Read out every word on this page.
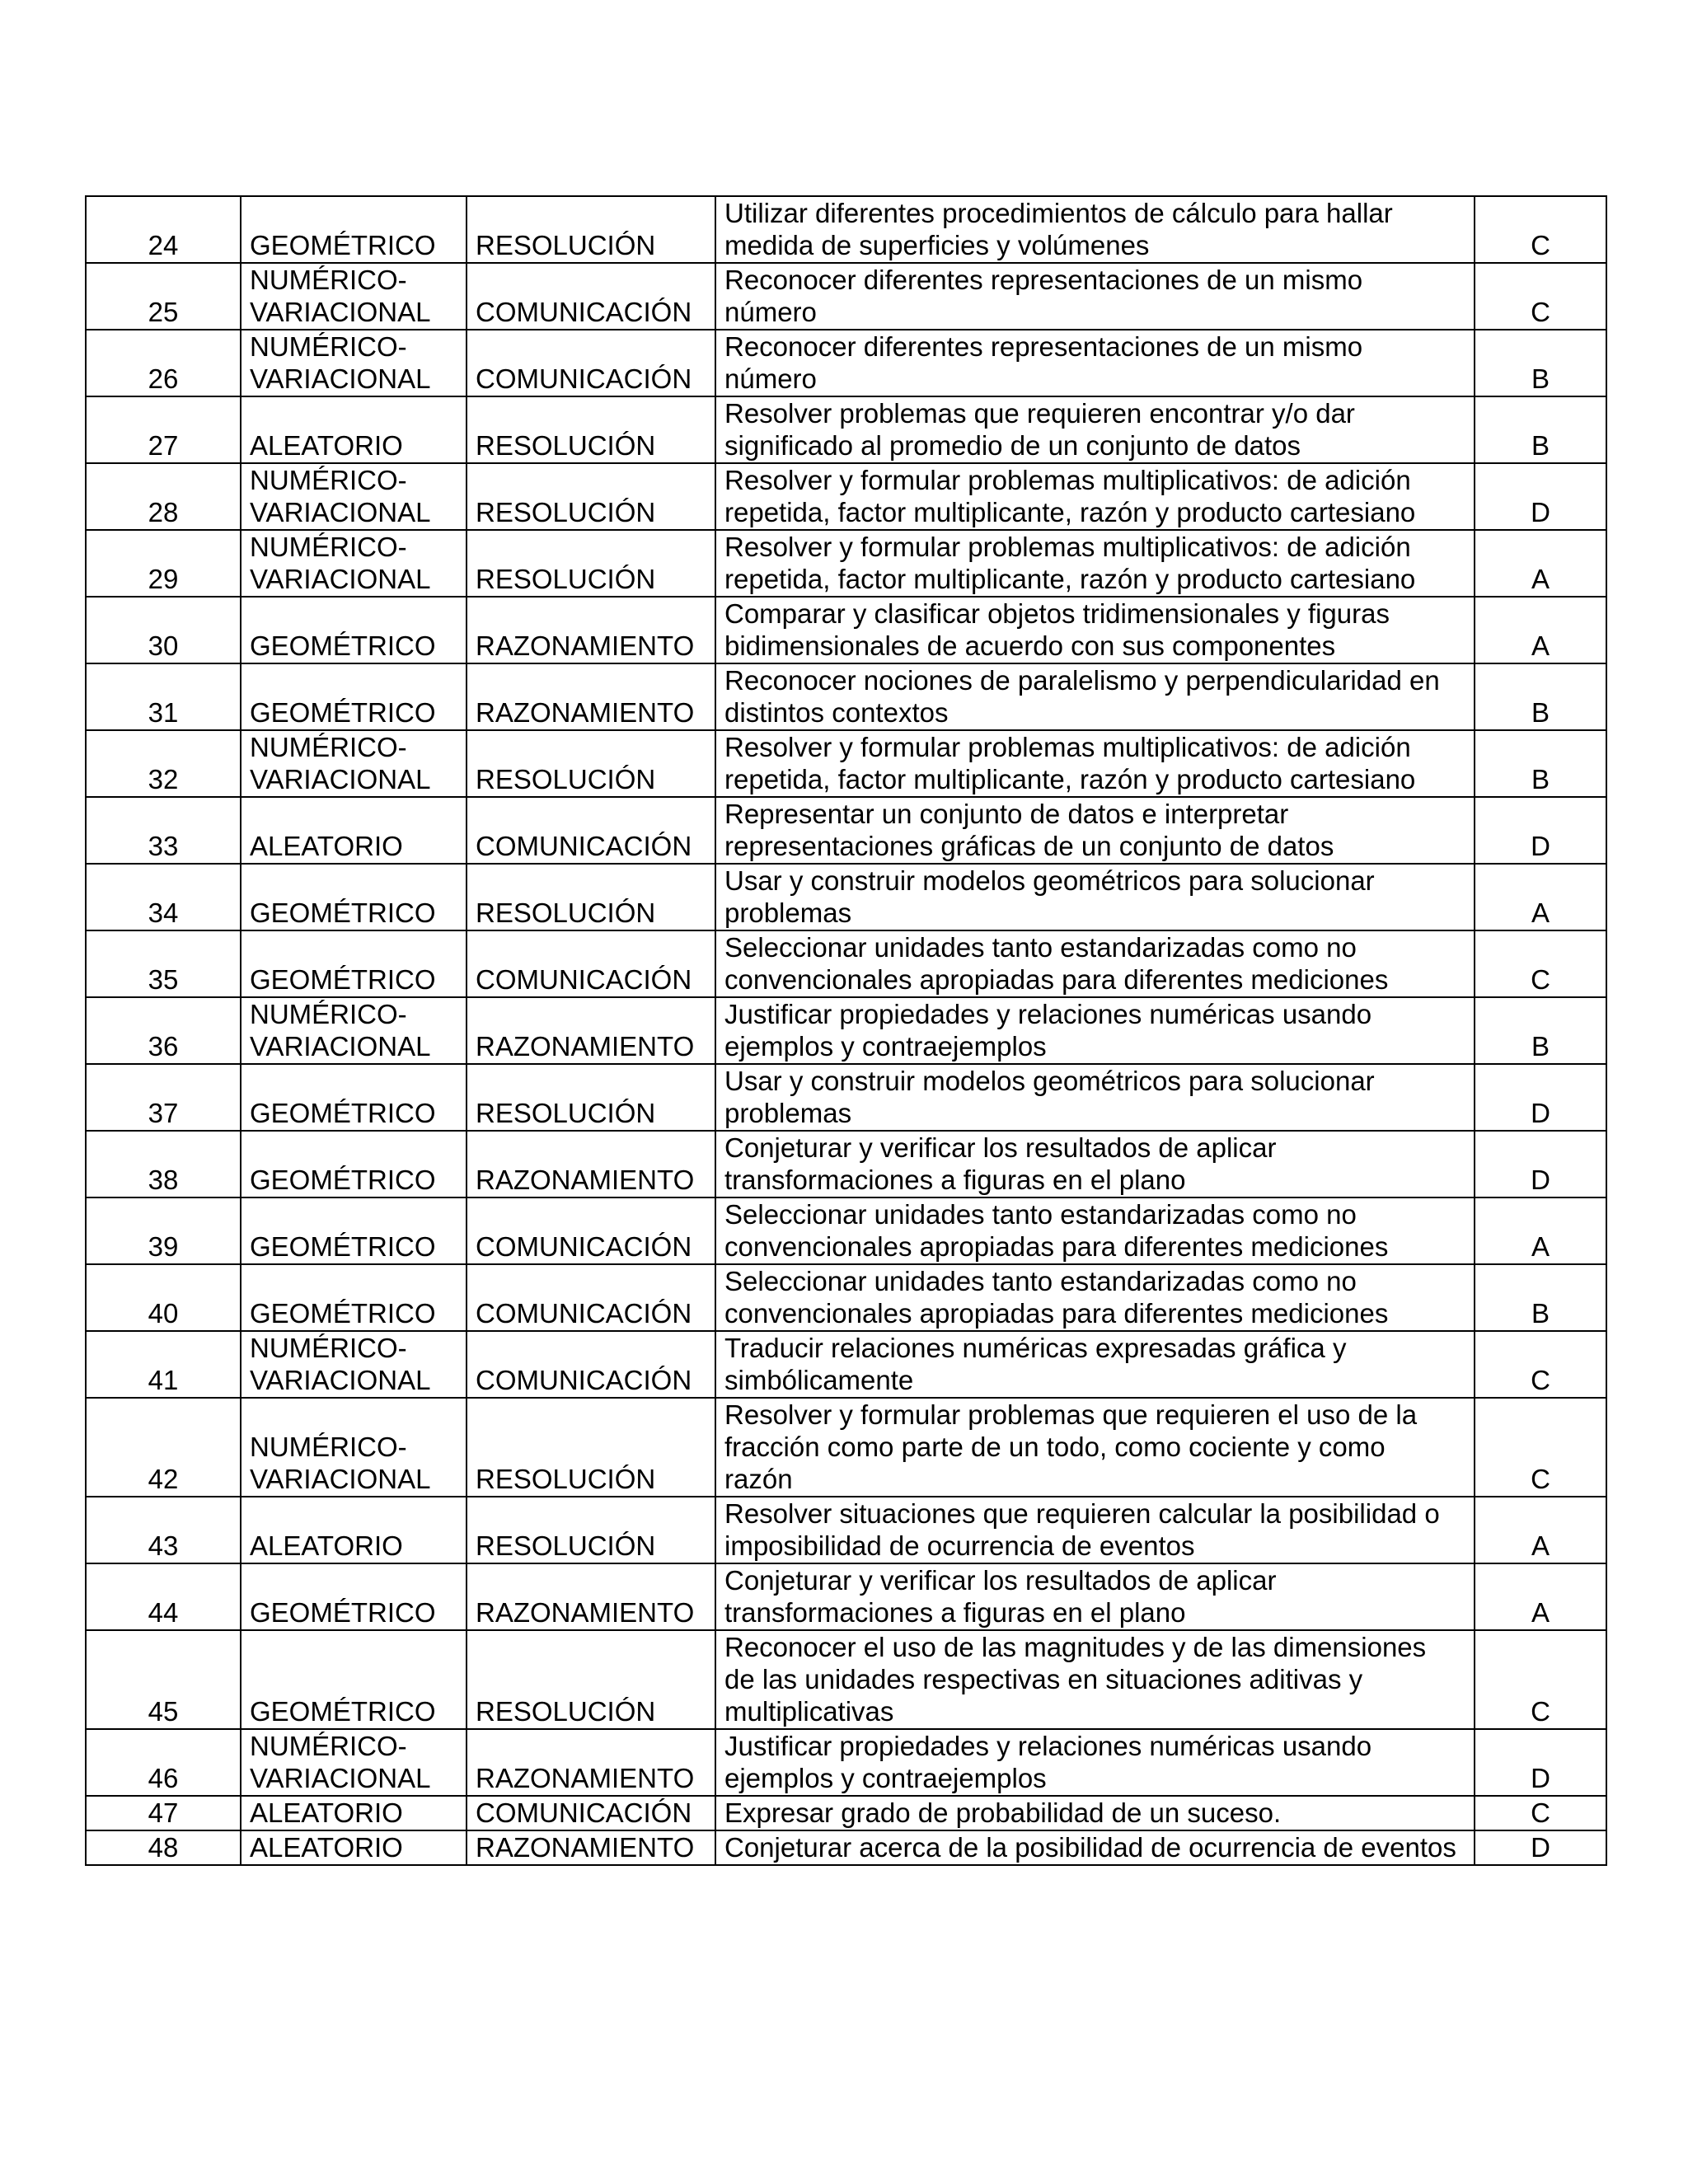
24	GEOMÉTRICO	RESOLUCIÓN	Utilizar diferentes procedimientos de cálculo para hallar
medida de superficies y volúmenes	C
25	NUMÉRICO-
VARIACIONAL	COMUNICACIÓN	Reconocer diferentes representaciones de un mismo
número	C
26	NUMÉRICO-
VARIACIONAL	COMUNICACIÓN	Reconocer diferentes representaciones de un mismo
número	B
27	ALEATORIO	RESOLUCIÓN	Resolver problemas que requieren encontrar y/o dar
significado al promedio de un conjunto de datos	B
28	NUMÉRICO-
VARIACIONAL	RESOLUCIÓN	Resolver y formular problemas multiplicativos: de adición
repetida, factor multiplicante, razón y producto cartesiano	D
29	NUMÉRICO-
VARIACIONAL	RESOLUCIÓN	Resolver y formular problemas multiplicativos: de adición
repetida, factor multiplicante, razón y producto cartesiano	A
30	GEOMÉTRICO	RAZONAMIENTO	Comparar y clasificar objetos tridimensionales y figuras
bidimensionales de acuerdo con sus componentes	A
31	GEOMÉTRICO	RAZONAMIENTO	Reconocer nociones de paralelismo y perpendicularidad en
distintos contextos	B
32	NUMÉRICO-
VARIACIONAL	RESOLUCIÓN	Resolver y formular problemas multiplicativos: de adición
repetida, factor multiplicante, razón y producto cartesiano	B
33	ALEATORIO	COMUNICACIÓN	Representar un conjunto de datos e interpretar
representaciones gráficas de un conjunto de datos	D
34	GEOMÉTRICO	RESOLUCIÓN	Usar y construir modelos geométricos para solucionar
problemas	A
35	GEOMÉTRICO	COMUNICACIÓN	Seleccionar unidades tanto estandarizadas como no
convencionales apropiadas para diferentes mediciones	C
36	NUMÉRICO-
VARIACIONAL	RAZONAMIENTO	Justificar propiedades y relaciones numéricas usando
ejemplos y contraejemplos	B
37	GEOMÉTRICO	RESOLUCIÓN	Usar y construir modelos geométricos para solucionar
problemas	D
38	GEOMÉTRICO	RAZONAMIENTO	Conjeturar y verificar los resultados de aplicar
transformaciones a figuras en el plano	D
39	GEOMÉTRICO	COMUNICACIÓN	Seleccionar unidades tanto estandarizadas como no
convencionales apropiadas para diferentes mediciones	A
40	GEOMÉTRICO	COMUNICACIÓN	Seleccionar unidades tanto estandarizadas como no
convencionales apropiadas para diferentes mediciones	B
41	NUMÉRICO-
VARIACIONAL	COMUNICACIÓN	Traducir relaciones numéricas expresadas gráfica y
simbólicamente	C
42	NUMÉRICO-
VARIACIONAL	RESOLUCIÓN	Resolver y formular problemas que requieren el uso de la
fracción como parte de un todo, como cociente y como
razón	C
43	ALEATORIO	RESOLUCIÓN	Resolver situaciones que requieren calcular la posibilidad o
imposibilidad de ocurrencia de eventos	A
44	GEOMÉTRICO	RAZONAMIENTO	Conjeturar y verificar los resultados de aplicar
transformaciones a figuras en el plano	A
45	GEOMÉTRICO	RESOLUCIÓN	Reconocer el uso de las magnitudes y de las dimensiones
de las unidades respectivas en situaciones aditivas y
multiplicativas	C
46	NUMÉRICO-
VARIACIONAL	RAZONAMIENTO	Justificar propiedades y relaciones numéricas usando
ejemplos y contraejemplos	D
47	ALEATORIO	COMUNICACIÓN	Expresar grado de probabilidad de un suceso.	C
48	ALEATORIO	RAZONAMIENTO	Conjeturar acerca de la posibilidad de ocurrencia de eventos	D
